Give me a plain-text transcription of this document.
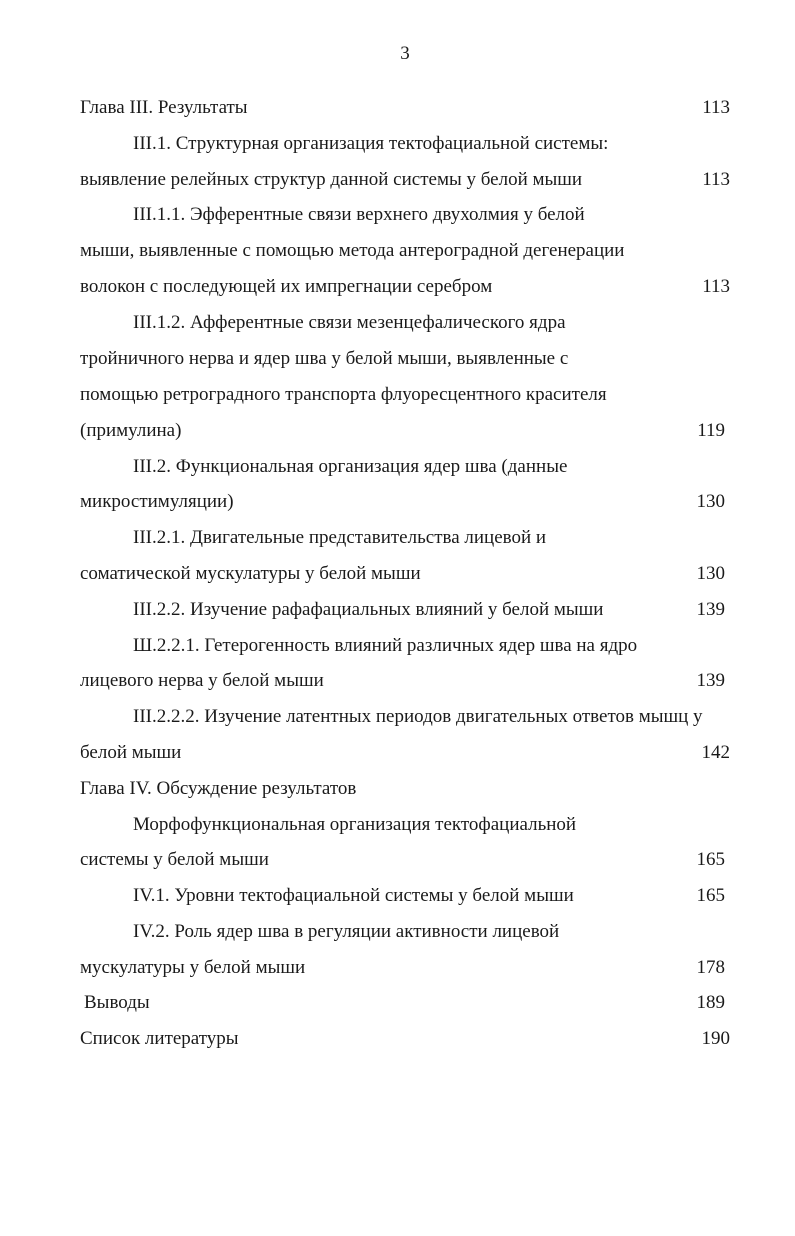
3
Глава III. Результаты	113
III.1. Структурная организация тектофациальной системы:
выявление релейных структур данной системы у белой мыши	113
III.1.1. Эфферентные связи верхнего двухолмия у белой
мыши, выявленные с помощью метода антероградной дегенерации
волокон с последующей их импрегнации серебром	113
III.1.2. Афферентные связи мезенцефалического ядра
тройничного нерва и ядер шва у белой мыши, выявленные с
помощью ретроградного транспорта флуоресцентного красителя
(примулина)	119
III.2. Функциональная организация ядер шва (данные
микростимуляции)	130
III.2.1. Двигательные представительства лицевой и
соматической мускулатуры у белой мыши	130
III.2.2. Изучение рафафациальных влияний у белой мыши	139
Ш.2.2.1. Гетерогенность влияний различных ядер шва на ядро
лицевого нерва у белой мыши	139
III.2.2.2. Изучение латентных периодов двигательных ответов мышц у
белой мыши	142
Глава IV. Обсуждение результатов
Морфофункциональная организация тектофациальной
системы у белой мыши	165
IV.1. Уровни тектофациальной системы у белой мыши	165
IV.2. Роль ядер шва в регуляции активности лицевой
мускулатуры у белой мыши	178
Выводы	189
Список литературы	190
